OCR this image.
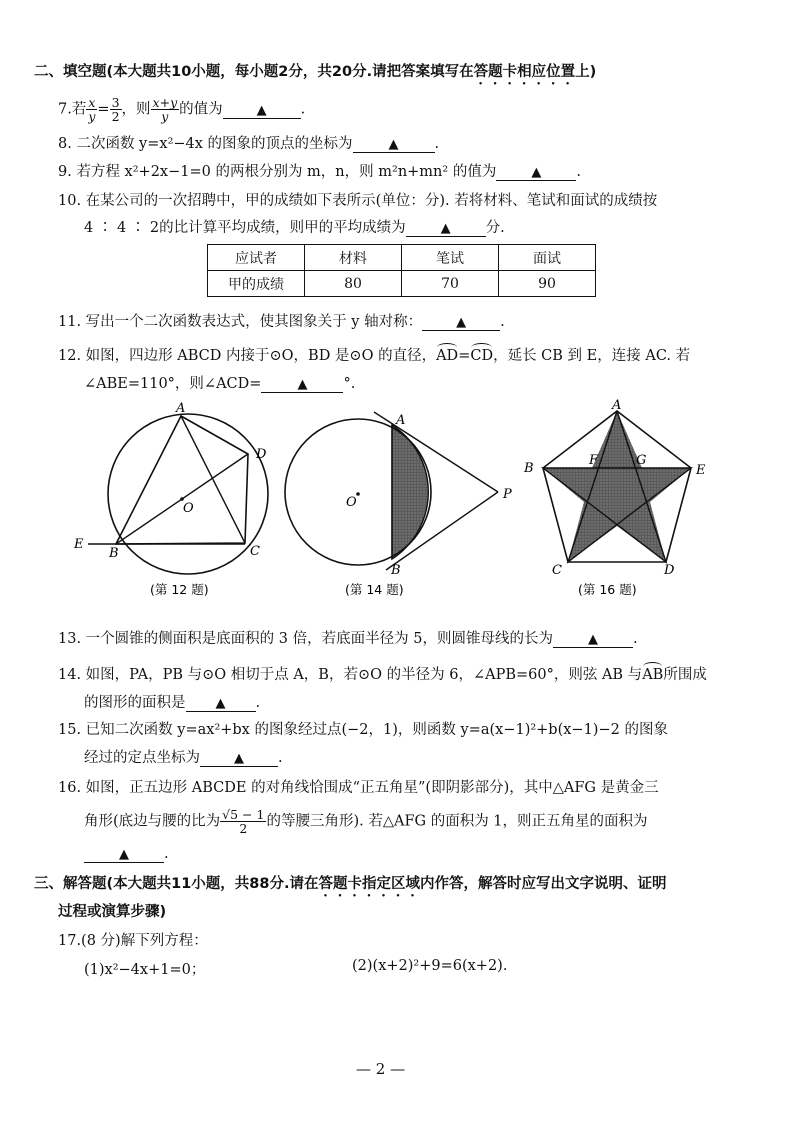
二、填空题(本大题共10小题，每小题2分，共20分.请把答案填写在答题卡相应位置上)
7.若 $\frac{x}{y} = \frac{3}{2}$ ，则 $\frac{x+y}{y}$ 的值为	▲ .
8. 二次函数 y=x²−4x 的图象的顶点的坐标为	▲ .
9. 若方程 x²+2x−1=0 的两根分别为 m，n，则 m²n+mn² 的值为	▲ .
10. 在某公司的一次招聘中，甲的成绩如下表所示(单位：分). 若将材料、笔试和面试的成绩按
4 ∶ 4 ∶ 2的比计算平均成绩，则甲的平均成绩为	▲ 分.
应试者	材料	笔试	面试
甲的成绩	80	70	90
11. 写出一个二次函数表达式，使其图象关于 y 轴对称：	▲ .
12. 如图，四边形 ABCD 内接于⊙O，BD 是⊙O 的直径，AD=CD，延长 CB 到 E，连接 AC. 若
∠ABE=110°，则∠ACD=	▲ °.
A
D
O
E
B	C
(第 12 题)
A
O
P
B
(第 14 题)
A
F	G
B	E
C	D
(第 16 题)
13. 一个圆锥的侧面积是底面积的 3 倍，若底面半径为 5，则圆锥母线的长为	▲ .
14. 如图，PA，PB 与⊙O 相切于点 A，B，若⊙O 的半径为 6，∠APB=60°，则弦 AB 与AB所围成
的图形的面积是 ▲ .
15. 已知二次函数 y=ax²+bx 的图象经过点(−2，1)，则函数 y=a(x−1)²+b(x−1)−2 的图象
经过的定点坐标为	▲ .
16. 如图，正五边形 ABCDE 的对角线恰围成“正五角星”(即阴影部分)，其中△AFG 是黄金三
角形(底边与腰的比为 $\frac{√5 - 1}{2}$ 的等腰三角形). 若△AFG 的面积为 1，则正五角星的面积为
▲ .
三、解答题(本大题共11小题，共88分.请在答题卡指定区域内作答，解答时应写出文字说明、证明
过程或演算步骤)
17.(8 分)解下列方程：
(1)x²−4x+1=0；	(2)(x+2)²+9=6(x+2).
— 2 —
